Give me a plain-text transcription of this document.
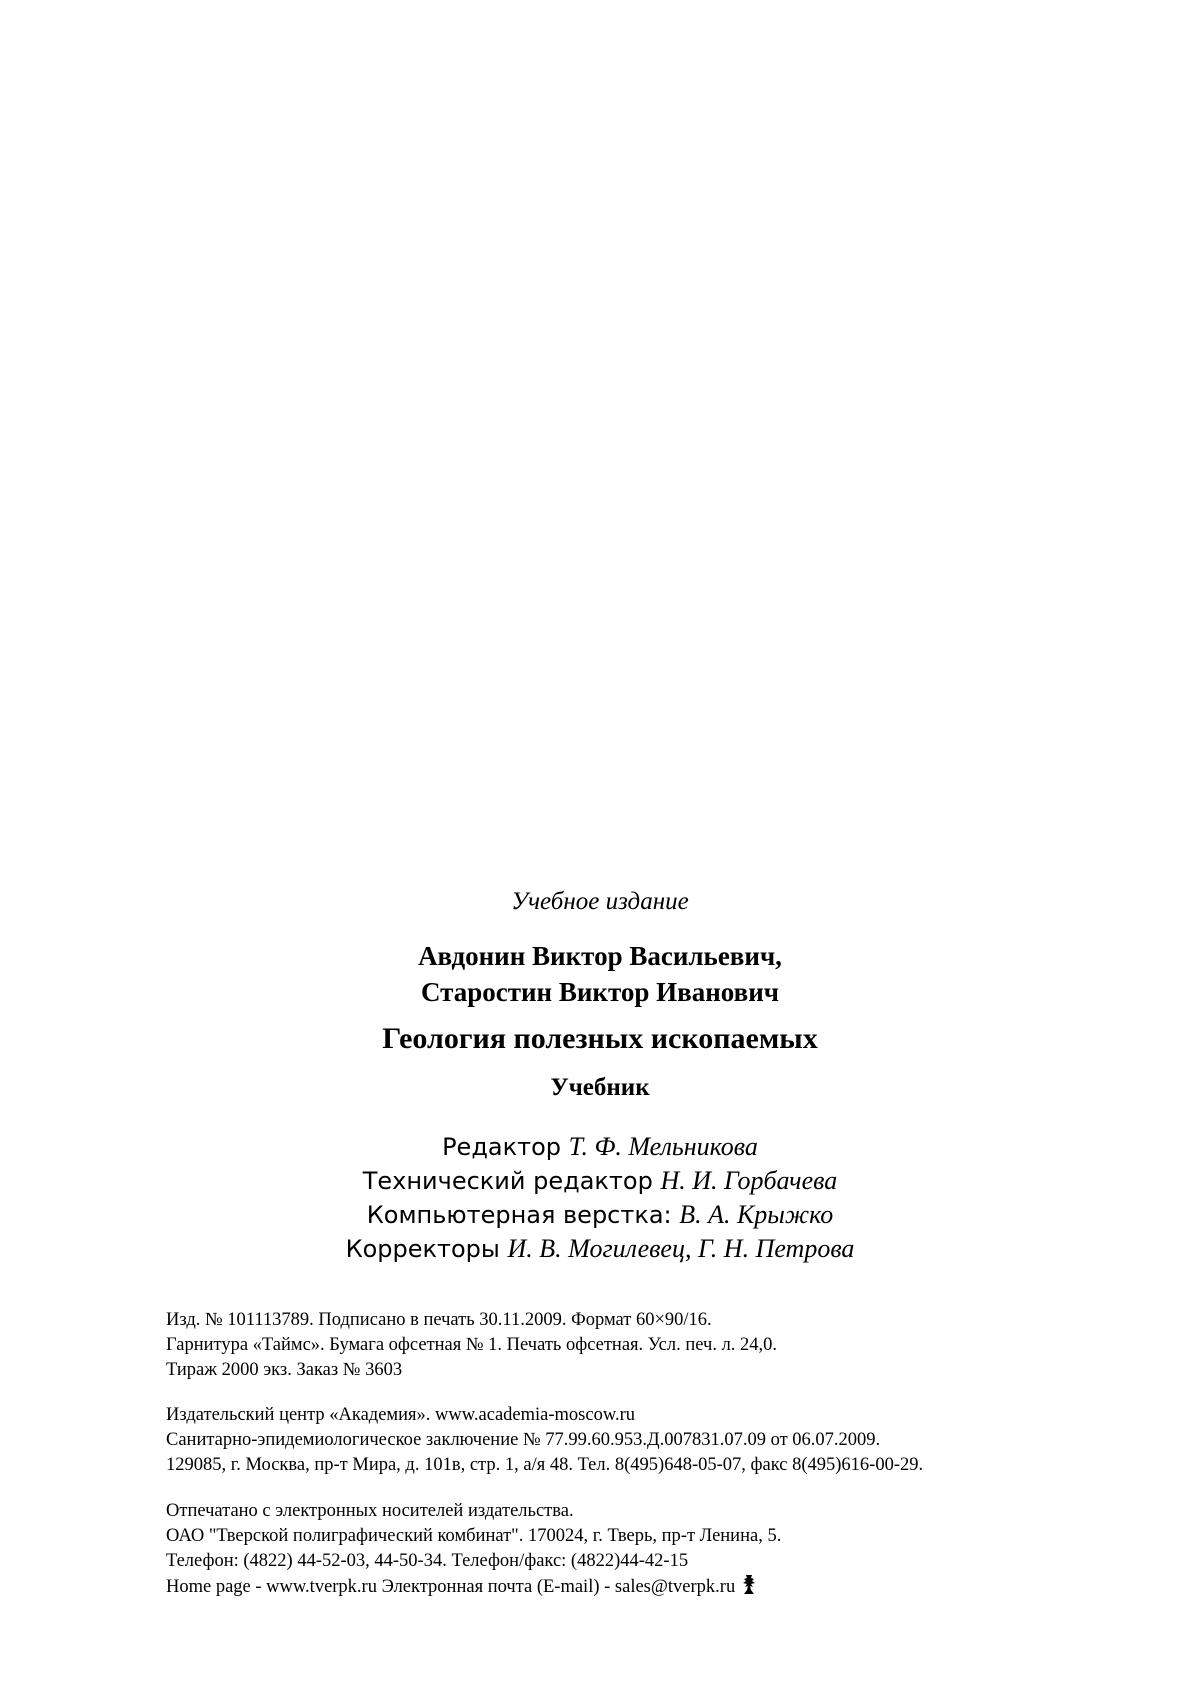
Учебное издание
Авдонин Виктор Васильевич,
Старостин Виктор Иванович
Геология полезных ископаемых
Учебник
Редактор Т. Ф. Мельникова
Технический редактор Н. И. Горбачева
Компьютерная верстка: В. А. Крыжко
Корректоры И. В. Могилевец, Г. Н. Петрова
Изд. № 101113789. Подписано в печать 30.11.2009. Формат 60×90/16.
Гарнитура «Таймс». Бумага офсетная № 1. Печать офсетная. Усл. печ. л. 24,0.
Тираж 2000 экз. Заказ № 3603
Издательский центр «Академия». www.academia-moscow.ru
Санитарно-эпидемиологическое заключение № 77.99.60.953.Д.007831.07.09 от 06.07.2009.
129085, г. Москва, пр-т Мира, д. 101в, стр. 1, а/я 48. Тел. 8(495)648-05-07, факс 8(495)616-00-29.
Отпечатано с электронных носителей издательства.
ОАО "Тверской полиграфический комбинат". 170024, г. Тверь, пр-т Ленина, 5.
Телефон: (4822) 44-52-03, 44-50-34. Телефон/факс: (4822)44-42-15
Home page - www.tverpk.ru Электронная почта (E-mail) - sales@tverpk.ru
